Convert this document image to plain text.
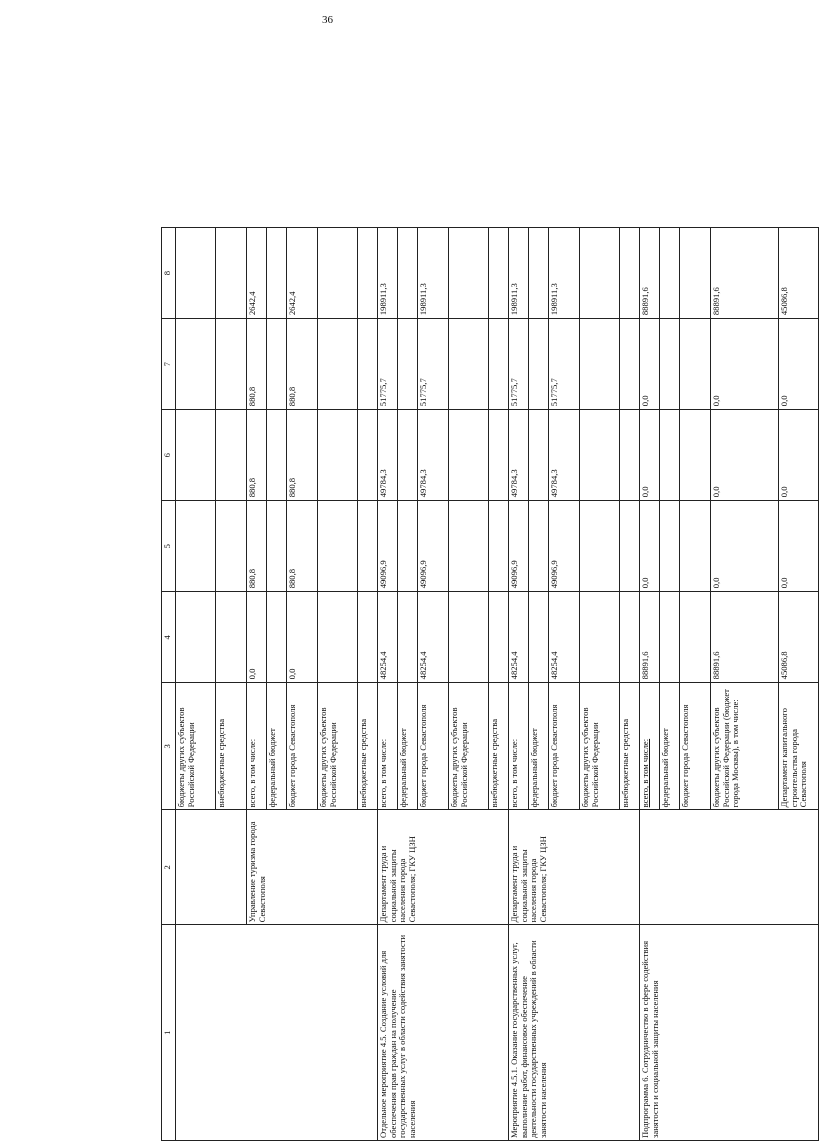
36
1	2	3	4	5	6	7	8
		бюджеты других субъектов Российской Федерации					
		внебюджетные средства					
	Управление туризма города Севастополя	всего, в том числе:	0,0	880,8	880,8	880,8	2642,4
		федеральный бюджет					
		бюджет города Севастополя	0,0	880,8	880,8	880,8	2642,4
		бюджеты других субъектов Российской Федерации					
		внебюджетные средства					
Отдельное мероприятие 4.5. Создание условий для обеспечения прав граждан на получение государственных услуг в области содействия занятости населения	Департамент труда и социальной защиты населения города Севастополя; ГКУ ЦЗН	всего, в том числе:	48254,4	49096,9	49784,3	51775,7	198911,3
		федеральный бюджет					
		бюджет города Севастополя	48254,4	49096,9	49784,3	51775,7	198911,3
		бюджеты других субъектов Российской Федерации					
		внебюджетные средства					
Мероприятие 4.5.1. Оказание государственных услуг, выполнение работ, финансовое обеспечение деятельности государственных учреждений в области занятости населения	Департамент труда и социальной защиты населения города Севастополя; ГКУ ЦЗН	всего, в том числе:	48254,4	49096,9	49784,3	51775,7	198911,3
		федеральный бюджет					
		бюджет города Севастополя	48254,4	49096,9	49784,3	51775,7	198911,3
		бюджеты других субъектов Российской Федерации					
		внебюджетные средства					
Подпрограмма 6. Сотрудничество в сфере содействия занятости и социальной защиты населения		всего, в том числе:	88891,6	0,0	0,0	0,0	88891,6
		федеральный бюджет					
		бюджет города Севастополя					
		бюджеты других субъектов Российской Федерации (бюджет города Москвы), в том числе:	88891,6	0,0	0,0	0,0	88891,6
		Департамент капитального строительства города Севастополя	45086,8	0,0	0,0	0,0	45086,8
